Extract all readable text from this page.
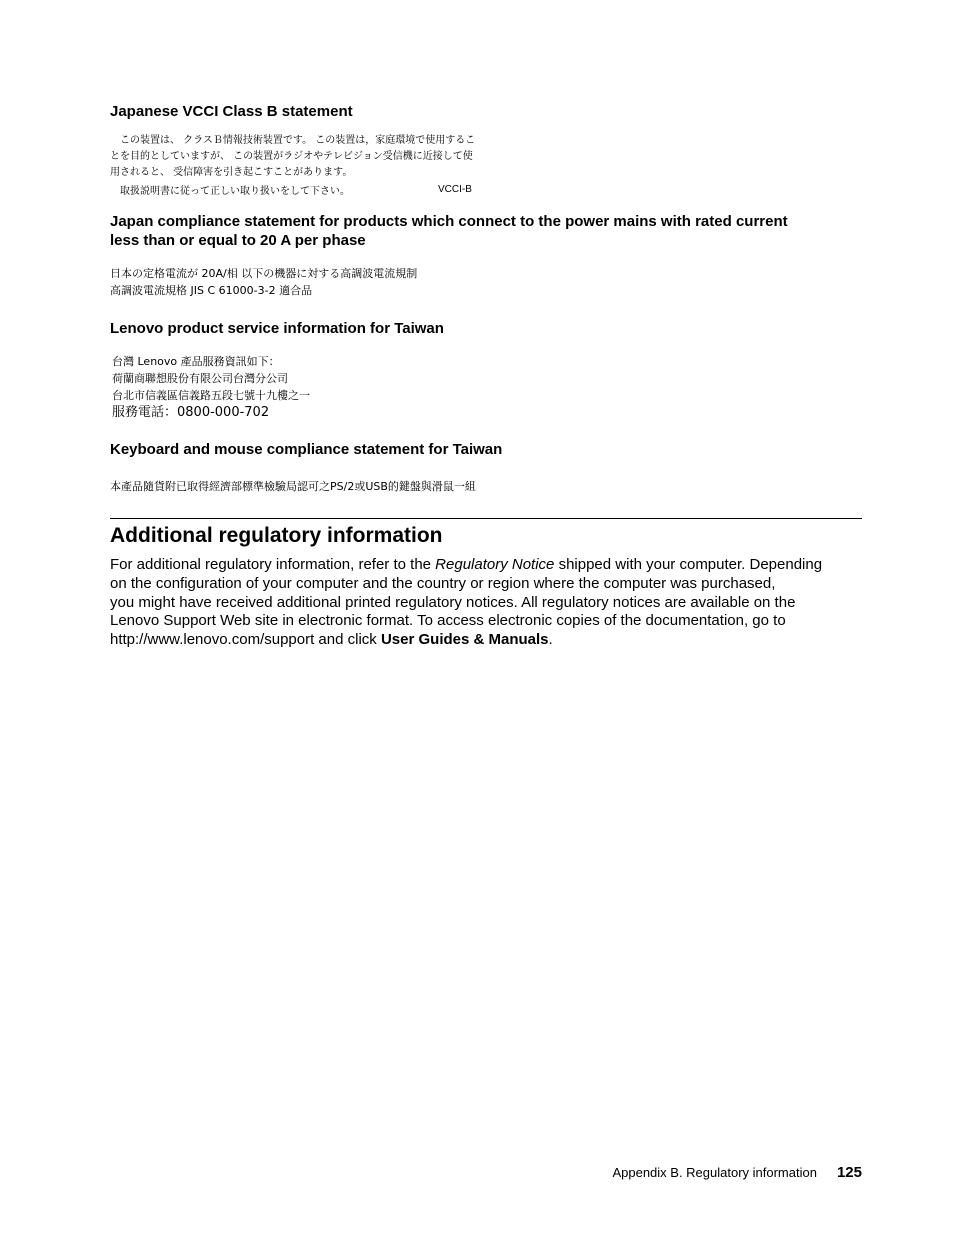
Japanese VCCI Class B statement
この装置は、 クラスＢ情報技術装置です。 この装置は，家庭環境で使用するこ
とを目的としていますが、 この装置がラジオやテレビジョン受信機に近接して使
用されると、 受信障害を引き起こすことがあります。
取扱説明書に従って正しい取り扱いをして下さい。	VCCI-B
Japan compliance statement for products which connect to the power mains with rated current
less than or equal to 20 A per phase
日本の定格電流が 20A/相 以下の機器に対する高調波電流規制
高調波電流規格 JIS C 61000-3-2 適合品
Lenovo product service information for Taiwan
台灣 Lenovo 產品服務資訊如下：
荷蘭商聯想股份有限公司台灣分公司
台北市信義區信義路五段七號十九樓之一
服務電話：0800-000-702
Keyboard and mouse compliance statement for Taiwan
本產品隨貨附已取得經濟部標準檢驗局認可之PS/2或USB的鍵盤與滑鼠一組
Additional regulatory information
For additional regulatory information, refer to the Regulatory Notice shipped with your computer. Depending
on the configuration of your computer and the country or region where the computer was purchased,
you might have received additional printed regulatory notices. All regulatory notices are available on the
Lenovo Support Web site in electronic format. To access electronic copies of the documentation, go to
http://www.lenovo.com/support and click User Guides & Manuals.
Appendix B. Regulatory information 125
